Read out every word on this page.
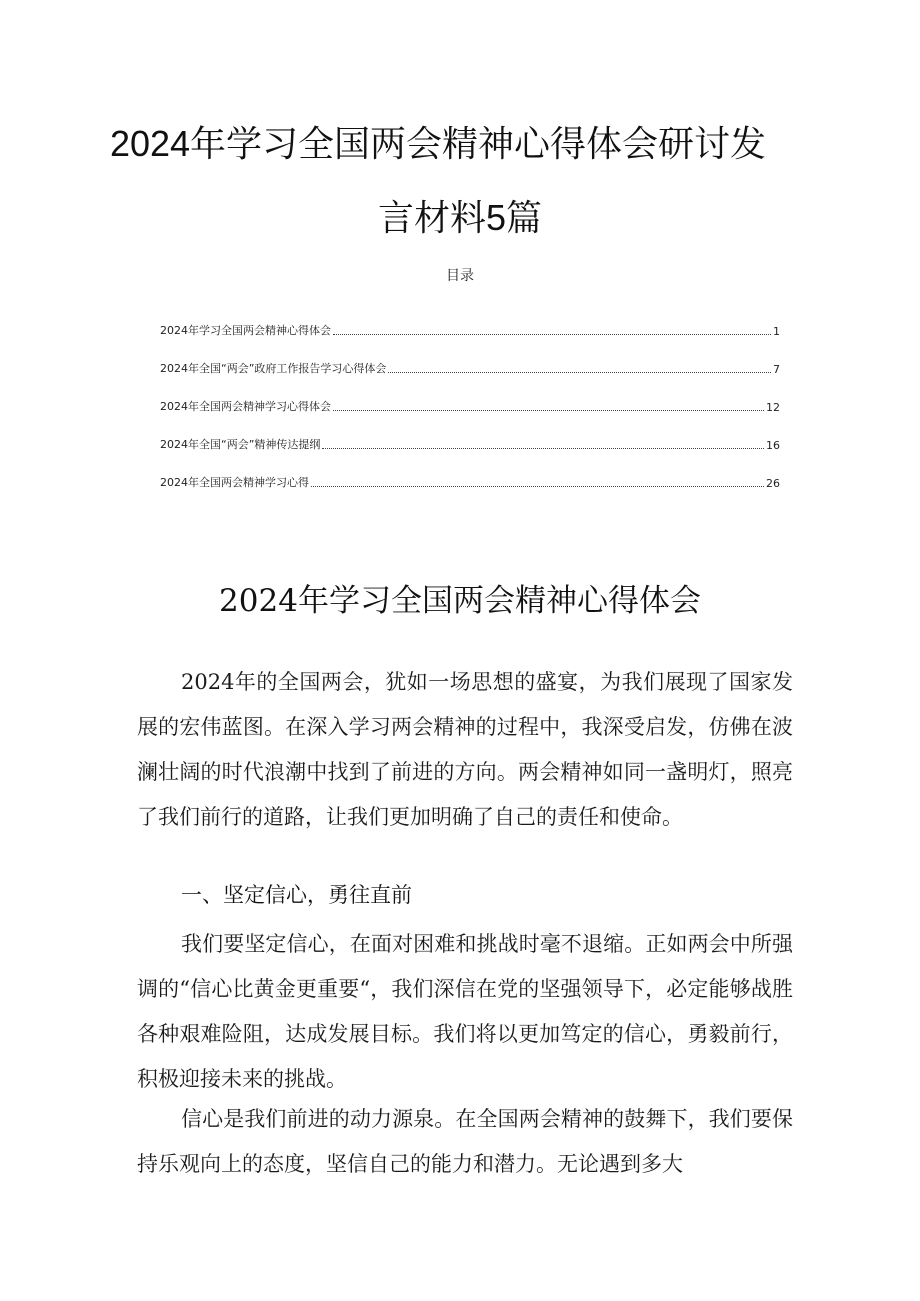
2024年学习全国两会精神心得体会研讨发
言材料5篇
目录
2024年学习全国两会精神心得体会	1
2024年全国“两会”政府工作报告学习心得体会	7
2024年全国两会精神学习心得体会	12
2024年全国“两会”精神传达提纲	16
2024年全国两会精神学习心得	26
2024年学习全国两会精神心得体会

2024年的全国两会，犹如一场思想的盛宴，为我们展现了国家发展的宏伟蓝图。在深入学习两会精神的过程中，我深受启发，仿佛在波澜壮阔的时代浪潮中找到了前进的方向。两会精神如同一盏明灯，照亮了我们前行的道路，让我们更加明确了自己的责任和使命。

一、坚定信心，勇往直前

我们要坚定信心，在面对困难和挑战时毫不退缩。正如两会中所强调的“信心比黄金更重要“，我们深信在党的坚强领导下，必定能够战胜各种艰难险阻，达成发展目标。我们将以更加笃定的信心，勇毅前行，积极迎接未来的挑战。

信心是我们前进的动力源泉。在全国两会精神的鼓舞下，我们要保持乐观向上的态度，坚信自己的能力和潜力。无论遇到多大
